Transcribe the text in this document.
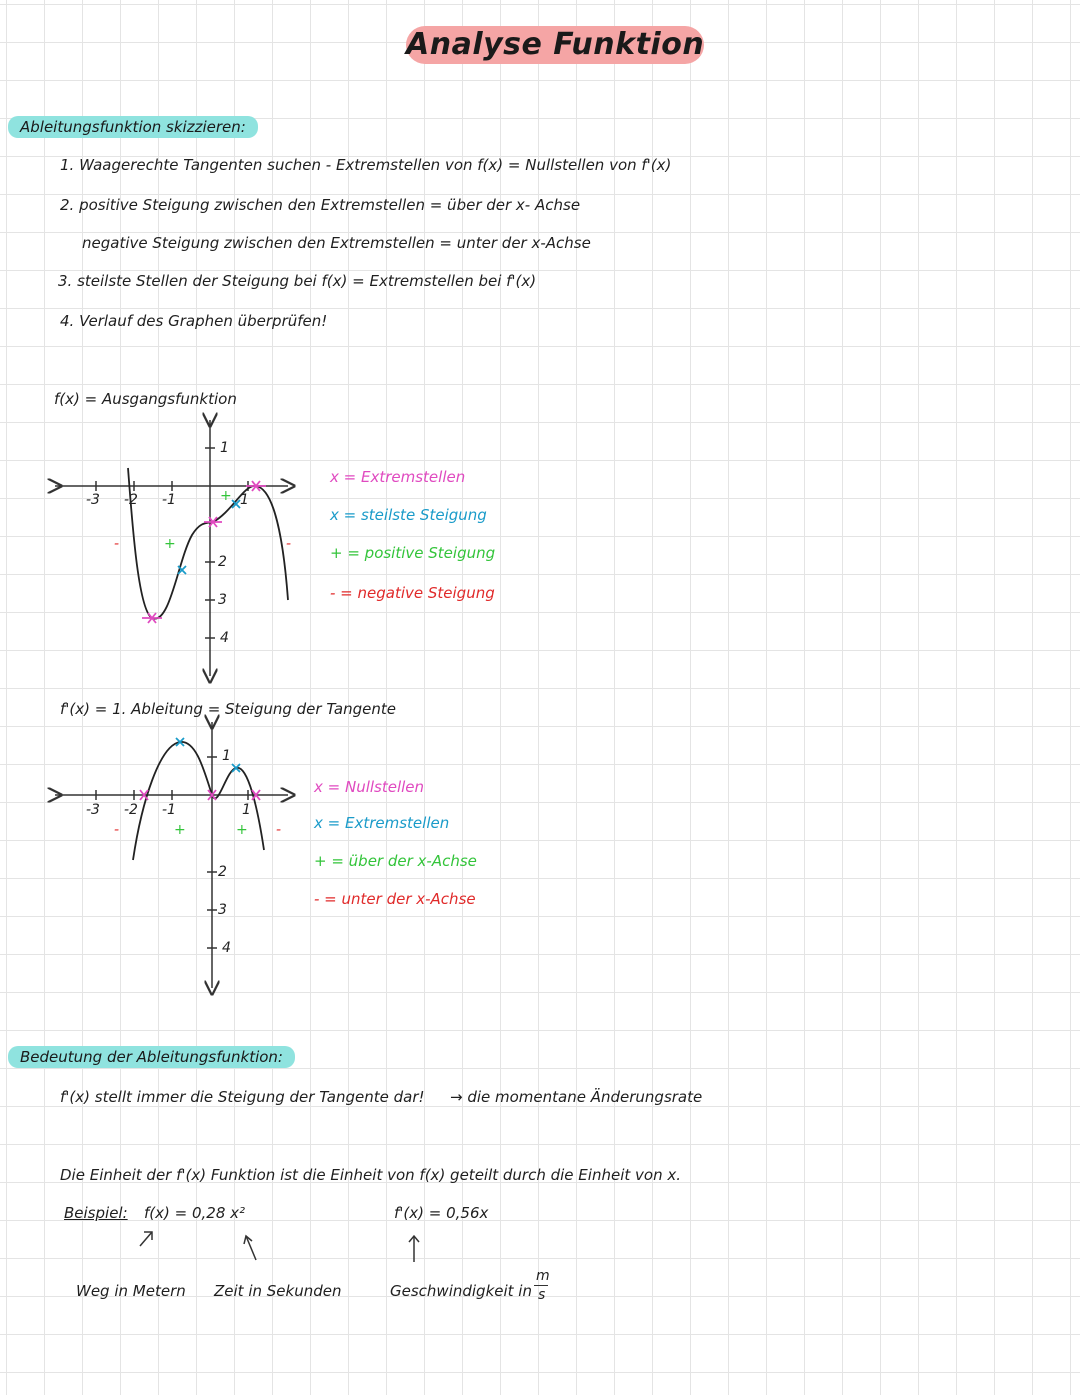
Analyse Funktion
Ableitungsfunktion skizzieren:
1. Waagerechte Tangenten suchen - Extremstellen von f(x) = Nullstellen von f'(x)
2. positive Steigung zwischen den Extremstellen = über der x- Achse
negative Steigung zwischen den Extremstellen = unter der x-Achse
3. steilste Stellen der Steigung bei f(x) = Extremstellen bei f'(x)
4. Verlauf des Graphen überprüfen!
f(x) = Ausgangsfunktion
-3 -2 -1	1
1
2
3
4
-	+
+
-
x = Extremstellen
x = steilste Steigung
+ = positive Steigung
- = negative Steigung
f'(x) = 1. Ableitung = Steigung der Tangente
-3 -2 -1	1
1
2
3
4
-	+	+ -
x = Nullstellen
x = Extremstellen
+ = über der x-Achse
- = unter der x-Achse
Bedeutung der Ableitungsfunktion:
f'(x) stellt immer die Steigung der Tangente dar! → die momentane Änderungsrate
Die Einheit der f'(x) Funktion ist die Einheit von f(x) geteilt durch die Einheit von x.
Beispiel: f(x) = 0,28 x²	f'(x) = 0,56x
Weg in Metern Zeit in Sekunden	Geschwindigkeit in
m
s
